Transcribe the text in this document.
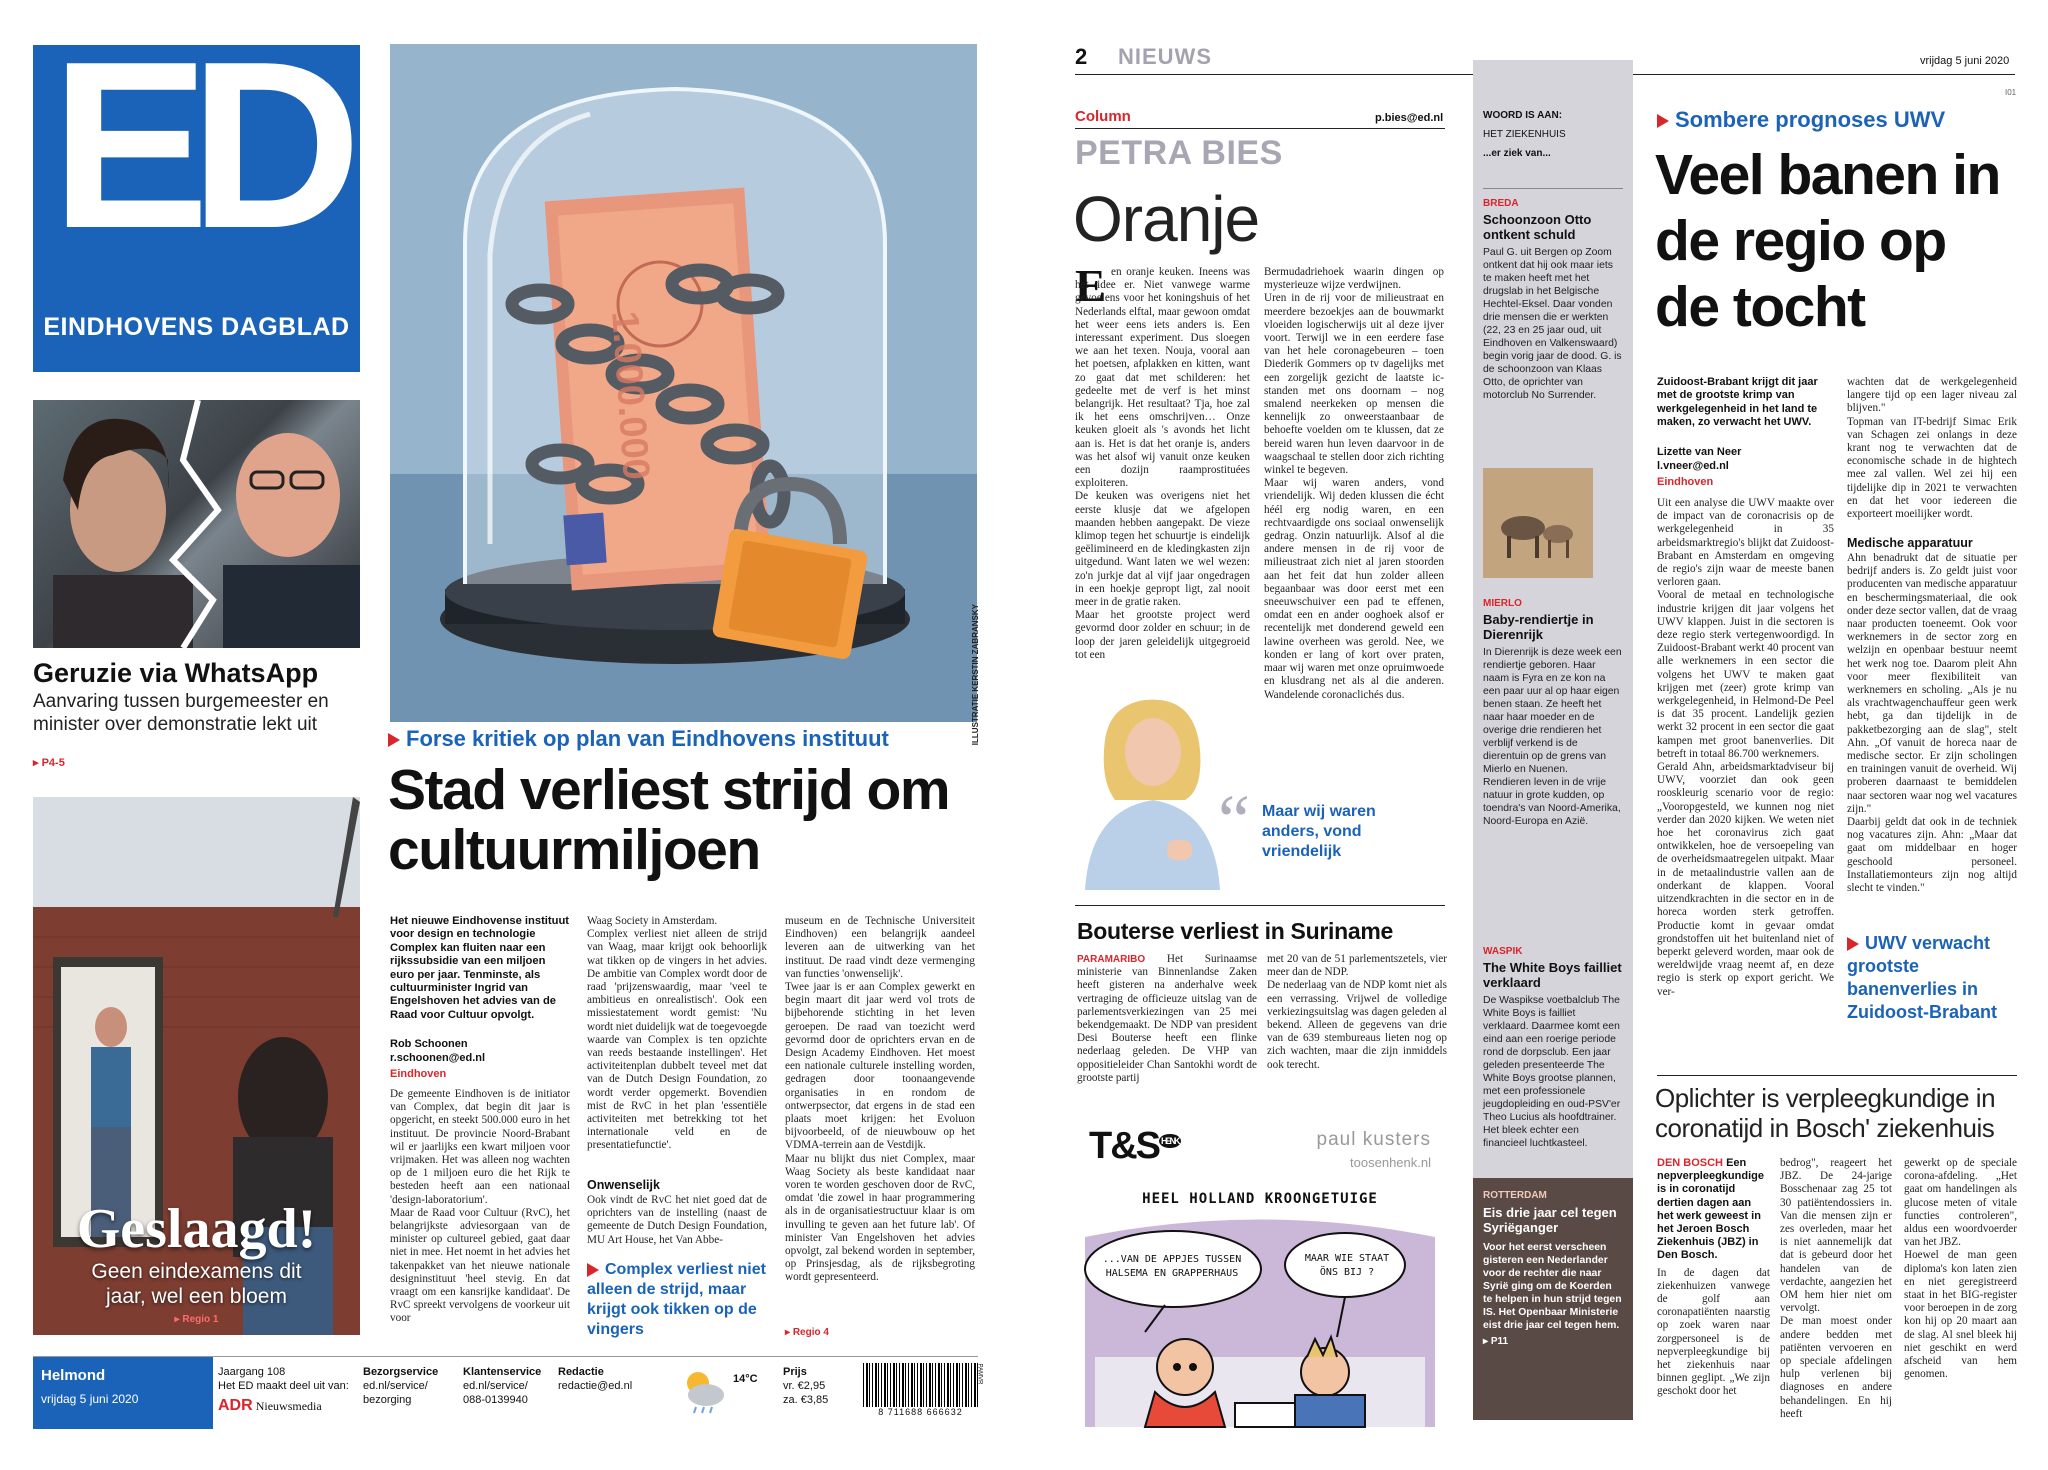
ED
EINDHOVENS DAGBLAD
Geruzie via WhatsApp
Aanvaring tussen burgemeester en minister over demonstratie lekt uit
▸ P4-5
Geslaagd!
Geen eindexamens dit jaar, wel een bloem
▸ Regio 1
ILLUSTRATIE KERSTIN ZABRANSKY
1.000.000
Forse kritiek op plan van Eindhovens instituut
Stad verliest strijd om cultuurmiljoen
Het nieuwe Eindhovense instituut voor design en technologie Complex kan fluiten naar een rijkssubsidie van een miljoen euro per jaar. Tenminste, als cultuurminister Ingrid van Engelshoven het advies van de Raad voor Cultuur opvolgt.
Rob Schoonen
r.schoonen@ed.nl
Eindhoven
De gemeente Eindhoven is de initiator van Complex, dat begin dit jaar is opgericht, en steekt 500.000 euro in het instituut. De provincie Noord-Brabant wil er jaarlijks een kwart miljoen voor vrijmaken. Het was alleen nog wachten op de 1 miljoen euro die het Rijk te besteden heeft aan een nationaal 'design-laboratorium'.
Maar de Raad voor Cultuur (RvC), het belangrijkste adviesorgaan van de minister op cultureel gebied, gaat daar niet in mee. Het noemt in het advies het takenpakket van het nieuwe nationale designinstituut 'heel stevig. En dat vraagt om een kansrijke kandidaat'. De RvC spreekt vervolgens de voorkeur uit voor
Waag Society in Amsterdam.
Complex verliest niet alleen de strijd van Waag, maar krijgt ook behoorlijk wat tikken op de vingers in het advies. De ambitie van Complex wordt door de raad 'prijzenswaardig, maar 'veel te ambitieus en onrealistisch'. Ook een missiestatement wordt gemist: 'Nu wordt niet duidelijk wat de toegevoegde waarde van Complex is ten opzichte van reeds bestaande instellingen'. Het activiteitenplan dubbelt teveel met dat van de Dutch Design Foundation, zo wordt verder opgemerkt. Bovendien mist de RvC in het plan 'essentiële activiteiten met betrekking tot het internationale veld en de presentatiefunctie'.
Onwenselijk
Ook vindt de RvC het niet goed dat de oprichters van de instelling (naast de gemeente de Dutch Design Foundation, MU Art House, het Van Abbe-
Complex verliest niet alleen de strijd, maar krijgt ook tikken op de vingers
museum en de Technische Universiteit Eindhoven) een belangrijk aandeel leveren aan de uitwerking van het instituut. De raad vindt deze vermenging van functies 'onwenselijk'.
Twee jaar is er aan Complex gewerkt en begin maart dit jaar werd vol trots de bijbehorende stichting in het leven geroepen. De raad van toezicht werd gevormd door de oprichters ervan en de Design Academy Eindhoven. Het moest een nationale culturele instelling worden, gedragen door toonaangevende organisaties in en rondom de ontwerpsector, dat ergens in de stad een plaats moet krijgen: het Evoluon bijvoorbeeld, of de nieuwbouw op het VDMA-terrein aan de Vestdijk.
Maar nu blijkt dus niet Complex, maar Waag Society als beste kandidaat naar voren te worden geschoven door de RvC, omdat 'die zowel in haar programmering als in de organisatiestructuur klaar is om invulling te geven aan het future lab'. Of minister Van Engelshoven het advies opvolgt, zal bekend worden in september, op Prinsjesdag, als de rijksbegroting wordt gepresenteerd.
▸ Regio 4
Helmond
vrijdag 5 juni 2020
Jaargang 108
Het ED maakt deel uit van:
ADR Nieuwsmedia
Bezorgservice
ed.nl/service/
bezorging
Klantenservice
ed.nl/service/
088-0139940
Redactie
redactie@ed.nl
14°C
Prijs
vr. €2,95
za. €3,85
8 711688 666632
PAMVR
2 NIEUWS	vrijdag 5 juni 2020
I01
Column	p.bies@ed.nl
PETRA BIES
Oranje
E en oranje keuken. Ineens was het idee er. Niet vanwege warme gevoelens voor het koningshuis of het Nederlands elftal, maar gewoon omdat het weer eens iets anders is. Een interessant experiment. Dus sloegen we aan het texen. Nouja, vooral aan het poetsen, afplakken en kitten, want zo gaat dat met schilderen: het gedeelte met de verf is het minst belangrijk. Het resultaat? Tja, hoe zal ik het eens omschrijven… Onze keuken gloeit als 's avonds het licht aan is. Het is dat het oranje is, anders was het alsof wij vanuit onze keuken een dozijn raamprostituées exploiteren.
De keuken was overigens niet het eerste klusje dat we afgelopen maanden hebben aangepakt. De vieze klimop tegen het schuurtje is eindelijk geëlimineerd en de kledingkasten zijn uitgedund. Want laten we wel wezen: zo'n jurkje dat al vijf jaar ongedragen in een hoekje gepropt ligt, zal nooit meer in de gratie raken.
Maar het grootste project werd gevormd door zolder en schuur; in de loop der jaren geleidelijk uitgegroeid tot een
Bermudadriehoek waarin dingen op mysterieuze wijze verdwijnen.
Uren in de rij voor de milieustraat en meerdere bezoekjes aan de bouwmarkt vloeiden logischerwijs uit al deze ijver voort. Terwijl we in een eerdere fase van het hele coronagebeuren – toen Diederik Gommers op tv dagelijks met een zorgelijk gezicht de laatste ic-standen met ons doornam – nog smalend neerkeken op mensen die kennelijk zo onweerstaanbaar de behoefte voelden om te klussen, dat ze bereid waren hun leven daarvoor in de waagschaal te stellen door zich richting winkel te begeven.
Maar wij waren anders, vond vriendelijk. Wij deden klussen die écht héél erg nodig waren, en een rechtvaardigde ons sociaal onwenselijk gedrag. Onzin natuurlijk. Alsof al die andere mensen in de rij voor de milieustraat zich niet al jaren stoorden aan het feit dat hun zolder alleen begaanbaar was door eerst met een sneeuwschuiver een pad te effenen, omdat een en ander ooghoek alsof er recentelijk met donderend geweld een lawine overheen was gerold. Nee, we konden er lang of kort over praten, maar wij waren met onze opruimwoede en klusdrang net als al die anderen. Wandelende coronaclichés dus.
“ Maar wij waren anders, vond vriendelijk
Bouterse verliest in Suriname
PARAMARIBO Het Surinaamse ministerie van Binnenlandse Zaken heeft gisteren na anderhalve week vertraging de officieuze uitslag van de parlementsverkiezingen van 25 mei bekendgemaakt. De NDP van president Desi Bouterse heeft een flinke nederlaag geleden. De VHP van oppositieleider Chan Santokhi wordt de grootste partij
met 20 van de 51 parlementszetels, vier meer dan de NDP.
De nederlaag van de NDP komt niet als een verrassing. Vrijwel de volledige verkiezingsuitslag was dagen geleden al bekend. Alleen de gegevens van drie van de 639 stembureaus lieten nog op zich wachten, maar die zijn inmiddels ook terecht.
T&S $^{HENK}$	paul kusters
toosenhenk.nl
HEEL HOLLAND KROONGETUIGE
...VAN DE APPJES TUSSEN HALSEMA EN GRAPPERHAUS
MAAR WIE STAAT ÖNS BIJ ?
WOORD IS AAN:
HET ZIEKENHUIS
...er ziek van...
BREDA
Schoonzoon Otto ontkent schuld
Paul G. uit Bergen op Zoom ontkent dat hij ook maar iets te maken heeft met het drugslab in het Belgische Hechtel-Eksel. Daar vonden drie mensen die er werkten (22, 23 en 25 jaar oud, uit Eindhoven en Valkenswaard) begin vorig jaar de dood. G. is de schoonzoon van Klaas Otto, de oprichter van motorclub No Surrender.
MIERLO
Baby-rendiertje in Dierenrijk
In Dierenrijk is deze week een rendiertje geboren. Haar naam is Fyra en ze kon na een paar uur al op haar eigen benen staan. Ze heeft het naar haar moeder en de overige drie rendieren het verblijf verkend is de dierentuin op de grens van Mierlo en Nuenen.
Rendieren leven in de vrije natuur in grote kudden, op toendra's van Noord-Amerika, Noord-Europa en Azië.
WASPIK
The White Boys failliet verklaard
De Waspikse voetbalclub The White Boys is failliet verklaard. Daarmee komt een eind aan een roerige periode rond de dorpsclub. Een jaar geleden presenteerde The White Boys grootse plannen, met een professionele jeugdopleiding en oud-PSV'er Theo Lucius als hoofdtrainer. Het bleek echter een financieel luchtkasteel.
ROTTERDAM
Eis drie jaar cel tegen Syriëganger
Voor het eerst verscheen gisteren een Nederlander voor de rechter die naar Syrië ging om de Koerden te helpen in hun strijd tegen IS. Het Openbaar Ministerie eist drie jaar cel tegen hem.
▸ P11
Sombere prognoses UWV
Veel banen in de regio op de tocht
Zuidoost-Brabant krijgt dit jaar met de grootste krimp van werkgelegenheid in het land te maken, zo verwacht het UWV.
Lizette van Neer
l.vneer@ed.nl
Eindhoven
Uit een analyse die UWV maakte over de impact van de coronacrisis op de werkgelegenheid in 35 arbeidsmarktregio's blijkt dat Zuidoost-Brabant en Amsterdam en omgeving de regio's zijn waar de meeste banen verloren gaan.
Vooral de metaal en technologische industrie krijgen dit jaar volgens het UWV klappen. Juist in die sectoren is deze regio sterk vertegenwoordigd. In Zuidoost-Brabant werkt 40 procent van alle werknemers in een sector die volgens het UWV te maken gaat krijgen met (zeer) grote krimp van werkgelegenheid, in Helmond-De Peel is dat 35 procent. Landelijk gezien werkt 32 procent in een sector die gaat kampen met groot banenverlies. Dit betreft in totaal 86.700 werknemers.
Gerald Ahn, arbeidsmarktadviseur bij UWV, voorziet dan ook geen rooskleurig scenario voor de regio: „Vooropgesteld, we kunnen nog niet verder dan 2020 kijken. We weten niet hoe het coronavirus zich gaat ontwikkelen, hoe de versoepeling van de overheidsmaatregelen uitpakt. Maar in de metaalindustrie vallen aan de onderkant de klappen. Vooral uitzendkrachten in die sector en in de horeca worden sterk getroffen. Productie komt in gevaar omdat grondstoffen uit het buitenland niet of beperkt geleverd worden, maar ook de wereldwijde vraag neemt af, en deze regio is sterk op export gericht. We ver-
wachten dat de werkgelegenheid langere tijd op een lager niveau zal blijven."
Topman van IT-bedrijf Simac Erik van Schagen zei onlangs in deze krant nog te verwachten dat de economische schade in de hightech mee zal vallen. Wel zei hij een tijdelijke dip in 2021 te verwachten en dat het voor iedereen die exporteert moeilijker wordt.
Medische apparatuur
Ahn benadrukt dat de situatie per bedrijf anders is. Zo geldt juist voor producenten van medische apparatuur en beschermingsmateriaal, die ook onder deze sector vallen, dat de vraag naar producten toeneemt. Ook voor werknemers in de sector zorg en welzijn en openbaar bestuur neemt het werk nog toe. Daarom pleit Ahn voor meer flexibiliteit van werknemers en scholing. „Als je nu als vrachtwagenchauffeur geen werk hebt, ga dan tijdelijk in de pakketbezorging aan de slag", stelt Ahn. „Of vanuit de horeca naar de medische sector. Er zijn scholingen en trainingen vanuit de overheid. Wij proberen daarnaast te bemiddelen naar sectoren waar nog wel vacatures zijn."
Daarbij geldt dat ook in de techniek nog vacatures zijn. Ahn: „Maar dat gaat om middelbaar en hoger geschoold personeel. Installatiemonteurs zijn nog altijd slecht te vinden."
UWV verwacht grootste banenverlies in Zuidoost-Brabant
Oplichter is verpleegkundige in coronatijd in Bosch' ziekenhuis
DEN BOSCH Een nepverpleegkundige is in coronatijd dertien dagen aan het werk geweest in het Jeroen Bosch Ziekenhuis (JBZ) in Den Bosch.
In de dagen dat ziekenhuizen vanwege de golf aan coronapatiënten naarstig op zoek waren naar zorgpersoneel is de nepverpleegkundige bij het ziekenhuis naar binnen geglipt. „We zijn geschokt door het
bedrog", reageert het JBZ. De 24-jarige Bosschenaar zag 25 tot 30 patiëntendossiers in. Van die mensen zijn er zes overleden, maar het is niet aannemelijk dat dat is gebeurd door het handelen van de verdachte, aangezien het OM hem hier niet om vervolgt.
De man moest onder andere bedden met patiënten vervoeren en op speciale afdelingen hulp verlenen bij diagnoses en andere behandelingen. En hij heeft
gewerkt op de speciale corona-afdeling. „Het gaat om handelingen als glucose meten of vitale functies controleren", aldus een woordvoerder van het JBZ.
Hoewel de man geen diploma's kon laten zien en niet geregistreerd staat in het BIG-register voor beroepen in de zorg kon hij op 20 maart aan de slag. Al snel bleek hij niet geschikt en werd afscheid van hem genomen.
